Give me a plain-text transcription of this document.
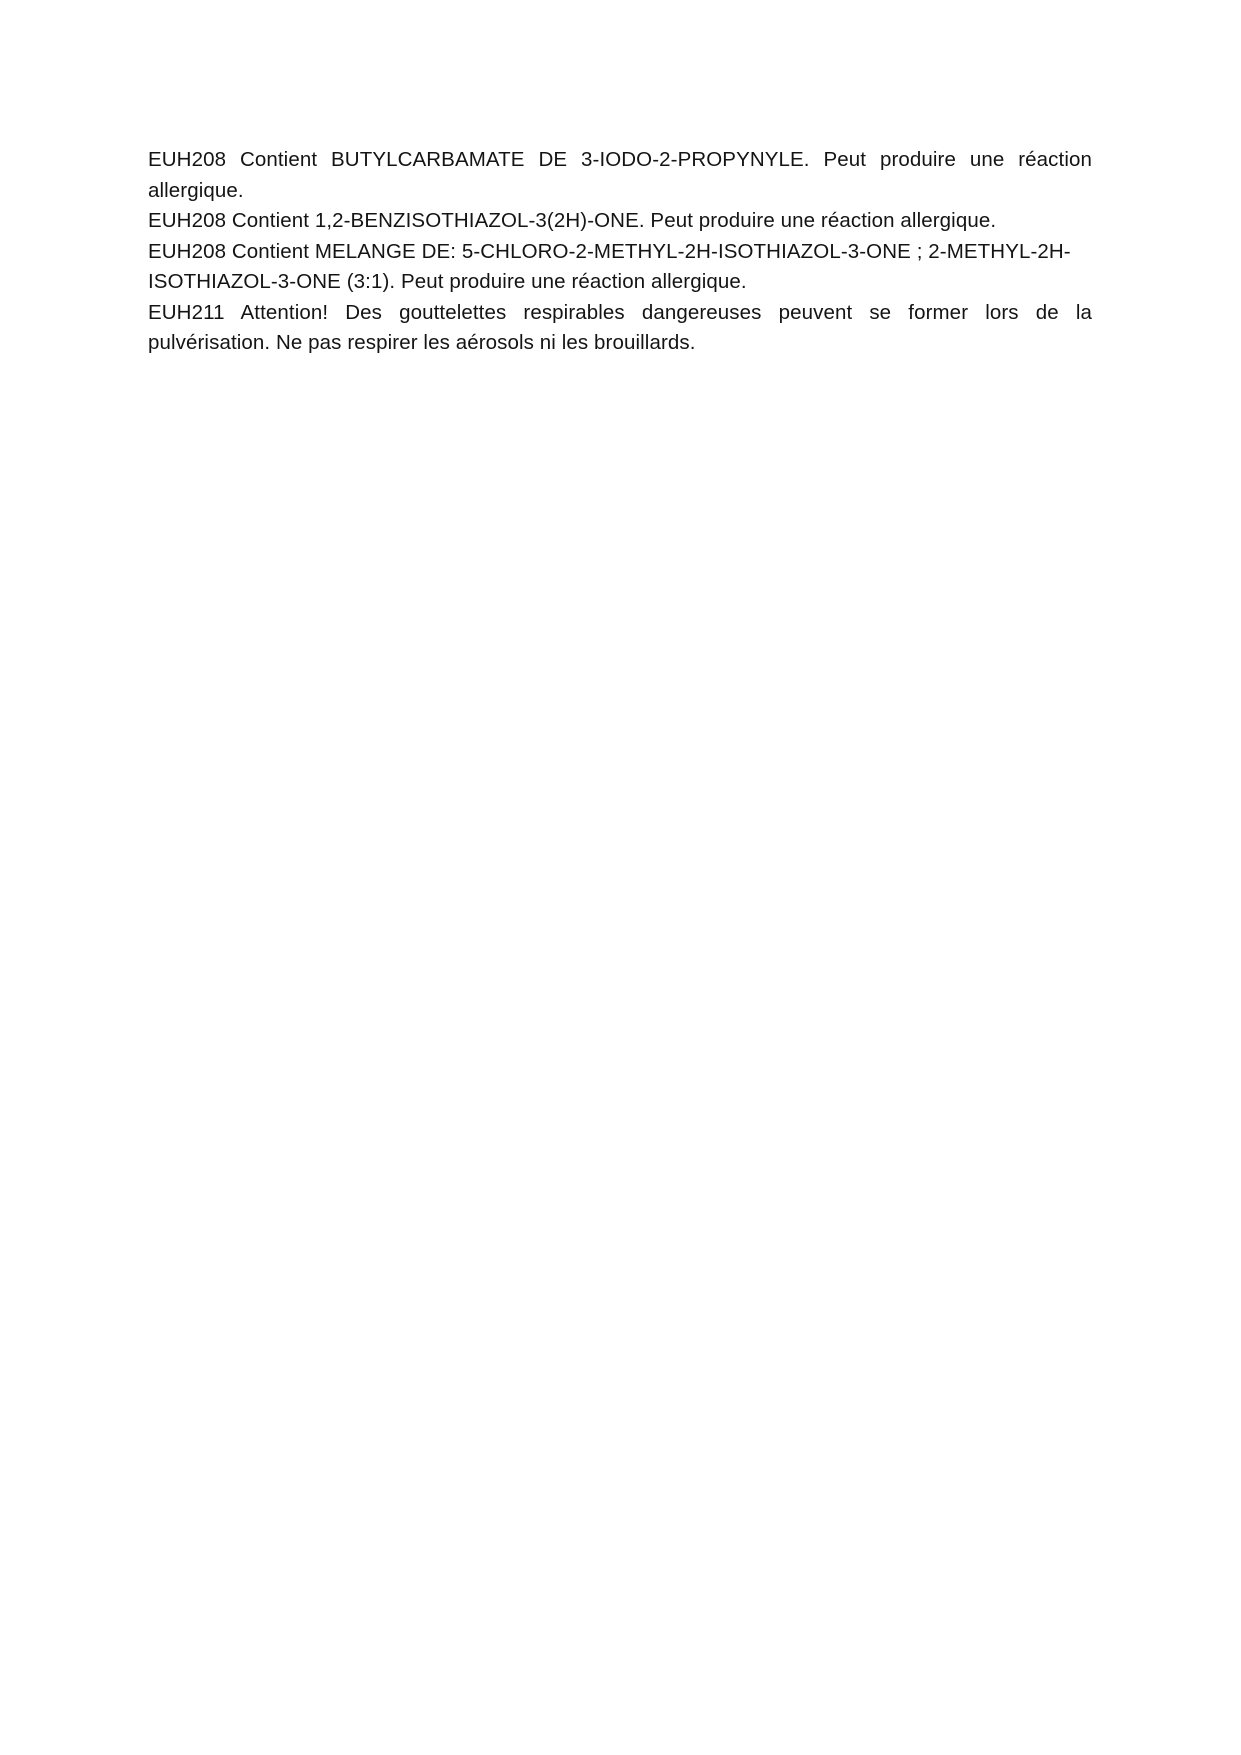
EUH208 Contient BUTYLCARBAMATE DE 3-IODO-2-PROPYNYLE. Peut produire une réaction allergique.

EUH208 Contient 1,2-BENZISOTHIAZOL-3(2H)-ONE. Peut produire une réaction allergique.

EUH208 Contient MELANGE DE: 5-CHLORO-2-METHYL-2H-ISOTHIAZOL-3-ONE ; 2-METHYL-2H-ISOTHIAZOL-3-ONE (3:1). Peut produire une réaction allergique.

EUH211 Attention! Des gouttelettes respirables dangereuses peuvent se former lors de la pulvérisation. Ne pas respirer les aérosols ni les brouillards.
